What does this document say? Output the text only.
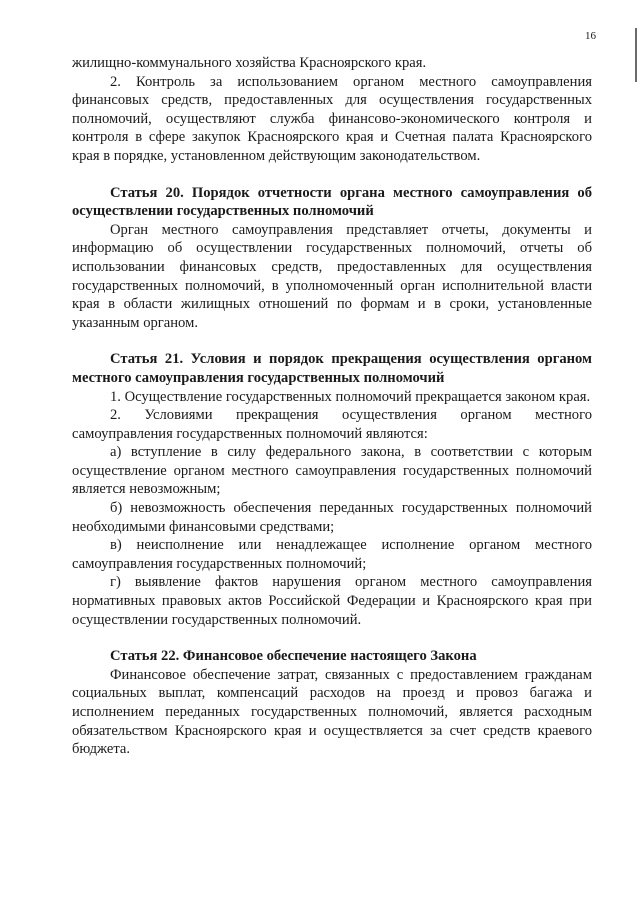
16

жилищно-коммунального хозяйства Красноярского края.

2. Контроль за использованием органом местного самоуправления финансовых средств, предоставленных для осуществления государственных полномочий, осуществляют служба финансово-экономического контроля и контроля в сфере закупок Красноярского края и Счетная палата Красноярского края в порядке, установленном действующим законодательством.

Статья 20. Порядок отчетности органа местного самоуправления об осуществлении государственных полномочий

Орган местного самоуправления представляет отчеты, документы и информацию об осуществлении государственных полномочий, отчеты об использовании финансовых средств, предоставленных для осуществления государственных полномочий, в уполномоченный орган исполнительной власти края в области жилищных отношений по формам и в сроки, установленные указанным органом.

Статья 21. Условия и порядок прекращения осуществления органом местного самоуправления государственных полномочий

1. Осуществление государственных полномочий прекращается законом края.

2. Условиями прекращения осуществления органом местного самоуправления государственных полномочий являются:

а) вступление в силу федерального закона, в соответствии с которым осуществление органом местного самоуправления государственных полномочий является невозможным;

б) невозможность обеспечения переданных государственных полномочий необходимыми финансовыми средствами;

в) неисполнение или ненадлежащее исполнение органом местного самоуправления государственных полномочий;

г) выявление фактов нарушения органом местного самоуправления нормативных правовых актов Российской Федерации и Красноярского края при осуществлении государственных полномочий.

Статья 22. Финансовое обеспечение настоящего Закона

Финансовое обеспечение затрат, связанных с предоставлением гражданам социальных выплат, компенсаций расходов на проезд и провоз багажа и исполнением переданных государственных полномочий, является расходным обязательством Красноярского края и осуществляется за счет средств краевого бюджета.
